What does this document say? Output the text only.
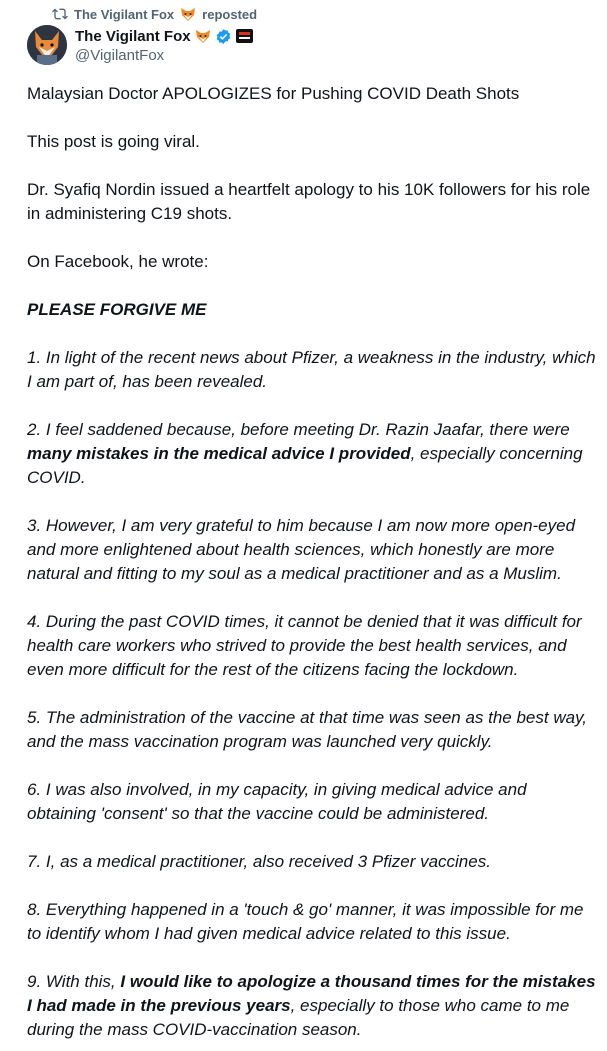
The Vigilant Fox reposted
The Vigilant Fox
@VigilantFox

Malaysian Doctor APOLOGIZES for Pushing COVID Death Shots

This post is going viral.

Dr. Syafiq Nordin issued a heartfelt apology to his 10K followers for his role in administering C19 shots.

On Facebook, he wrote:

PLEASE FORGIVE ME

1. In light of the recent news about Pfizer, a weakness in the industry, which I am part of, has been revealed.

2. I feel saddened because, before meeting Dr. Razin Jaafar, there were many mistakes in the medical advice I provided, especially concerning COVID.

3. However, I am very grateful to him because I am now more open-eyed and more enlightened about health sciences, which honestly are more natural and fitting to my soul as a medical practitioner and as a Muslim.

4. During the past COVID times, it cannot be denied that it was difficult for health care workers who strived to provide the best health services, and even more difficult for the rest of the citizens facing the lockdown.

5. The administration of the vaccine at that time was seen as the best way, and the mass vaccination program was launched very quickly.

6. I was also involved, in my capacity, in giving medical advice and obtaining 'consent' so that the vaccine could be administered.

7. I, as a medical practitioner, also received 3 Pfizer vaccines.

8. Everything happened in a 'touch & go' manner, it was impossible for me to identify whom I had given medical advice related to this issue.

9. With this, I would like to apologize a thousand times for the mistakes I had made in the previous years, especially to those who came to me during the mass COVID-vaccination season.
